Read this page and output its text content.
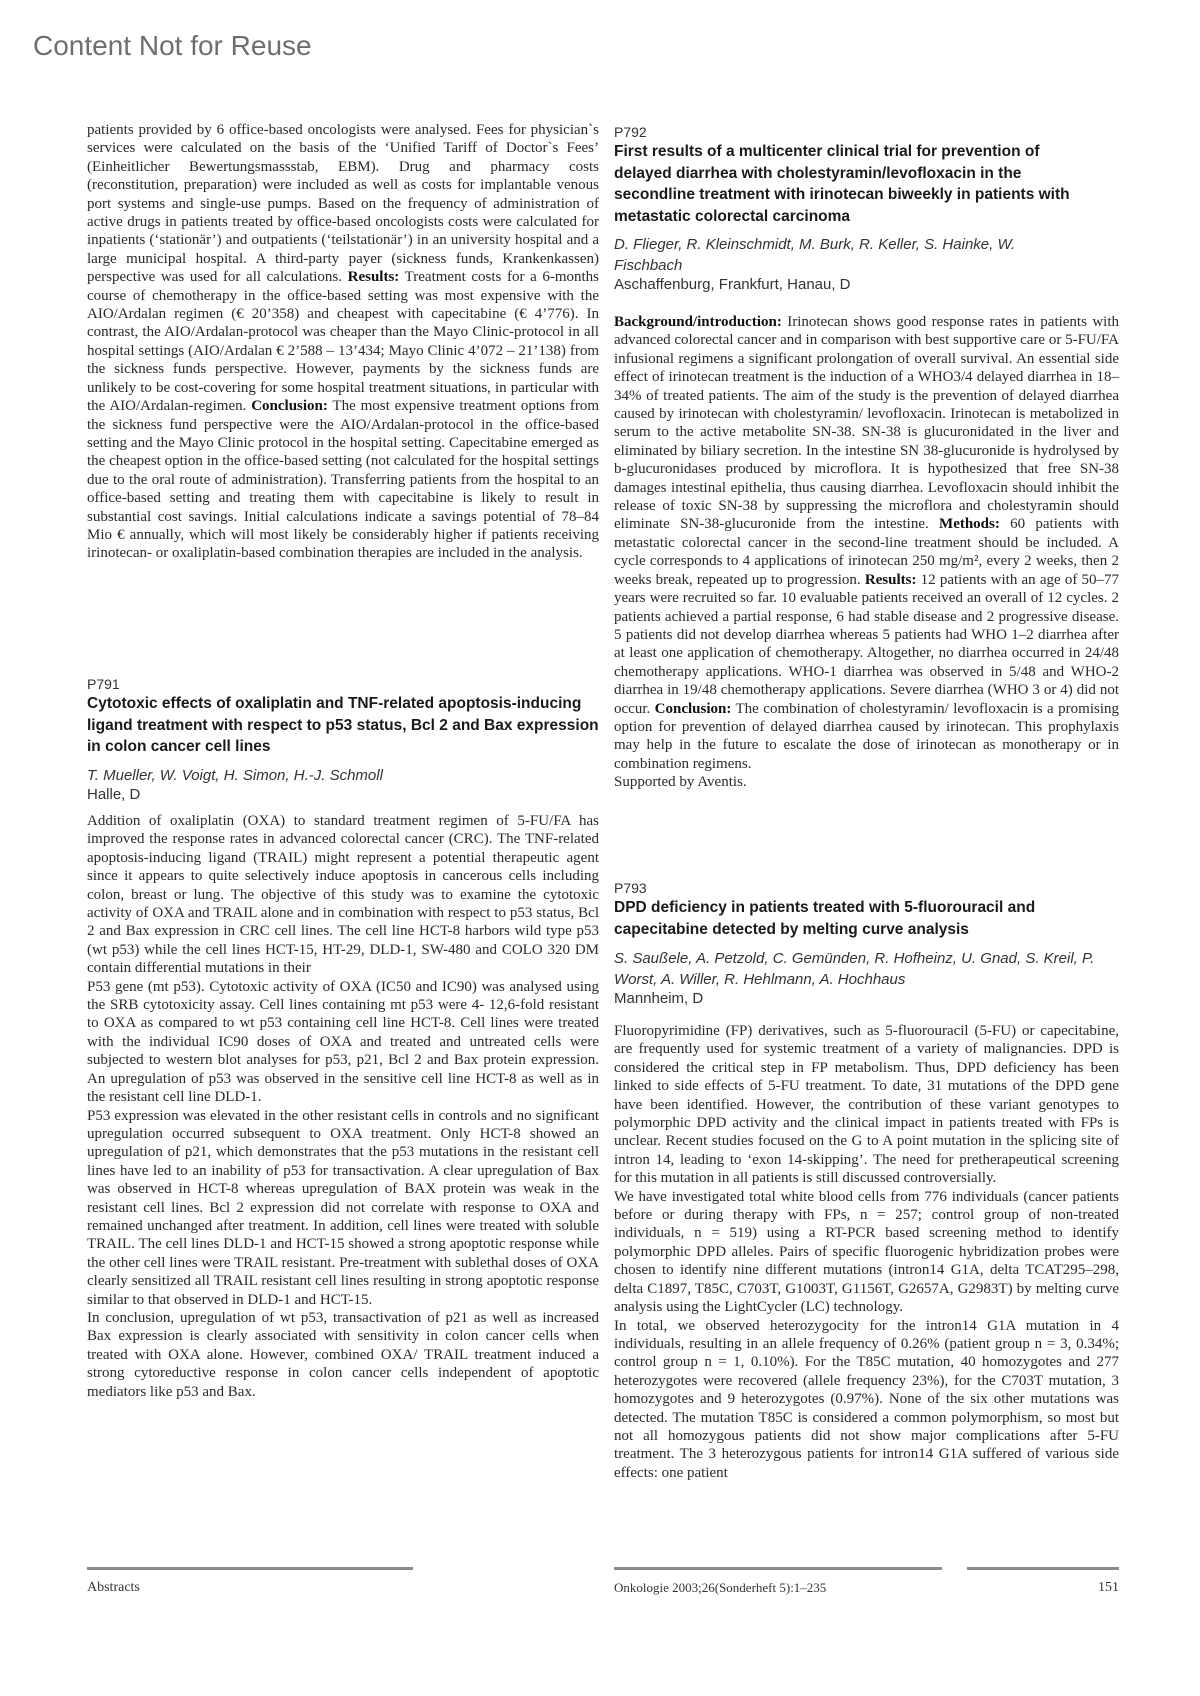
Content Not for Reuse

patients provided by 6 office-based oncologists were analysed. Fees for physician`s services were calculated on the basis of the ‘Unified Tariff of Doctor`s Fees’ (Einheitlicher Bewertungsmassstab, EBM). Drug and pharmacy costs (reconstitution, preparation) were included as well as costs for implantable venous port systems and single-use pumps. Based on the frequency of administration of active drugs in patients treated by office-based oncologists costs were calculated for inpatients (‘stationär’) and outpatients (‘teilstationär’) in an university hospital and a large municipal hospital. A third-party payer (sickness funds, Krankenkassen) perspective was used for all calculations. Results: Treatment costs for a 6-months course of chemotherapy in the office-based setting was most expensive with the AIO/Ardalan regimen (€ 20’358) and cheapest with capecitabine (€ 4’776). In contrast, the AIO/Ardalan-protocol was cheaper than the Mayo Clinic-protocol in all hospital settings (AIO/Ardalan € 2’588 – 13’434; Mayo Clinic 4’072 – 21’138) from the sickness funds perspective. However, payments by the sickness funds are unlikely to be cost-covering for some hospital treatment situations, in particular with the AIO/Ardalan-regimen. Conclusion: The most expensive treatment options from the sickness fund perspective were the AIO/Ardalan-protocol in the office-based setting and the Mayo Clinic protocol in the hospital setting. Capecitabine emerged as the cheapest option in the office-based setting (not calculated for the hospital settings due to the oral route of administration). Transferring patients from the hospital to an office-based setting and treating them with capecitabine is likely to result in substantial cost savings. Initial calculations indicate a savings potential of 78–84 Mio € annually, which will most likely be considerably higher if patients receiving irinotecan- or oxaliplatin-based combination therapies are included in the analysis.

P791
Cytotoxic effects of oxaliplatin and TNF-related apoptosis-inducing ligand treatment with respect to p53 status, Bcl 2 and Bax expression in colon cancer cell lines
T. Mueller, W. Voigt, H. Simon, H.-J. Schmoll
Halle, D

Addition of oxaliplatin (OXA) to standard treatment regimen of 5-FU/FA has improved the response rates in advanced colorectal cancer (CRC). The TNF-related apoptosis-inducing ligand (TRAIL) might represent a potential therapeutic agent since it appears to quite selectively induce apoptosis in cancerous cells including colon, breast or lung. The objective of this study was to examine the cytotoxic activity of OXA and TRAIL alone and in combination with respect to p53 status, Bcl 2 and Bax expression in CRC cell lines. The cell line HCT-8 harbors wild type p53 (wt p53) while the cell lines HCT-15, HT-29, DLD-1, SW-480 and COLO 320 DM contain differential mutations in their

P53 gene (mt p53). Cytotoxic activity of OXA (IC50 and IC90) was analysed using the SRB cytotoxicity assay. Cell lines containing mt p53 were 4- 12,6-fold resistant to OXA as compared to wt p53 containing cell line HCT-8. Cell lines were treated with the individual IC90 doses of OXA and treated and untreated cells were subjected to western blot analyses for p53, p21, Bcl 2 and Bax protein expression. An upregulation of p53 was observed in the sensitive cell line HCT-8 as well as in the resistant cell line DLD-1.

P53 expression was elevated in the other resistant cells in controls and no significant upregulation occurred subsequent to OXA treatment. Only HCT-8 showed an upregulation of p21, which demonstrates that the p53 mutations in the resistant cell lines have led to an inability of p53 for transactivation. A clear upregulation of Bax was observed in HCT-8 whereas upregulation of BAX protein was weak in the resistant cell lines. Bcl 2 expression did not correlate with response to OXA and remained unchanged after treatment. In addition, cell lines were treated with soluble TRAIL. The cell lines DLD-1 and HCT-15 showed a strong apoptotic response while the other cell lines were TRAIL resistant. Pre-treatment with sublethal doses of OXA clearly sensitized all TRAIL resistant cell lines resulting in strong apoptotic response similar to that observed in DLD-1 and HCT-15.

In conclusion, upregulation of wt p53, transactivation of p21 as well as increased Bax expression is clearly associated with sensitivity in colon cancer cells when treated with OXA alone. However, combined OXA/ TRAIL treatment induced a strong cytoreductive response in colon cancer cells independent of apoptotic mediators like p53 and Bax.

P792
First results of a multicenter clinical trial for prevention of delayed diarrhea with cholestyramin/levofloxacin in the secondline treatment with irinotecan biweekly in patients with metastatic colorectal carcinoma
D. Flieger, R. Kleinschmidt, M. Burk, R. Keller, S. Hainke, W. Fischbach
Aschaffenburg, Frankfurt, Hanau, D

Background/introduction: Irinotecan shows good response rates in patients with advanced colorectal cancer and in comparison with best supportive care or 5-FU/FA infusional regimens a significant prolongation of overall survival. An essential side effect of irinotecan treatment is the induction of a WHO3/4 delayed diarrhea in 18–34% of treated patients. The aim of the study is the prevention of delayed diarrhea caused by irinotecan with cholestyramin/ levofloxacin. Irinotecan is metabolized in serum to the active metabolite SN-38. SN-38 is glucuronidated in the liver and eliminated by biliary secretion. In the intestine SN 38-glucuronide is hydrolysed by b-glucuronidases produced by microflora. It is hypothesized that free SN-38 damages intestinal epithelia, thus causing diarrhea. Levofloxacin should inhibit the release of toxic SN-38 by suppressing the microflora and cholestyramin should eliminate SN-38-glucuronide from the intestine. Methods: 60 patients with metastatic colorectal cancer in the second-line treatment should be included. A cycle corresponds to 4 applications of irinotecan 250 mg/m², every 2 weeks, then 2 weeks break, repeated up to progression. Results: 12 patients with an age of 50–77 years were recruited so far. 10 evaluable patients received an overall of 12 cycles. 2 patients achieved a partial response, 6 had stable disease and 2 progressive disease. 5 patients did not develop diarrhea whereas 5 patients had WHO 1–2 diarrhea after at least one application of chemotherapy. Altogether, no diarrhea occurred in 24/48 chemotherapy applications. WHO-1 diarrhea was observed in 5/48 and WHO-2 diarrhea in 19/48 chemotherapy applications. Severe diarrhea (WHO 3 or 4) did not occur. Conclusion: The combination of cholestyramin/ levofloxacin is a promising option for prevention of delayed diarrhea caused by irinotecan. This prophylaxis may help in the future to escalate the dose of irinotecan as monotherapy or in combination regimens.

Supported by Aventis.

P793
DPD deficiency in patients treated with 5-fluorouracil and capecitabine detected by melting curve analysis
S. Saußele, A. Petzold, C. Gemünden, R. Hofheinz, U. Gnad, S. Kreil, P. Worst, A. Willer, R. Hehlmann, A. Hochhaus
Mannheim, D

Fluoropyrimidine (FP) derivatives, such as 5-fluorouracil (5-FU) or capecitabine, are frequently used for systemic treatment of a variety of malignancies. DPD is considered the critical step in FP metabolism. Thus, DPD deficiency has been linked to side effects of 5-FU treatment. To date, 31 mutations of the DPD gene have been identified. However, the contribution of these variant genotypes to polymorphic DPD activity and the clinical impact in patients treated with FPs is unclear. Recent studies focused on the G to A point mutation in the splicing site of intron 14, leading to ‘exon 14-skipping’. The need for pretherapeutical screening for this mutation in all patients is still discussed controversially.

We have investigated total white blood cells from 776 individuals (cancer patients before or during therapy with FPs, n = 257; control group of non-treated individuals, n = 519) using a RT-PCR based screening method to identify polymorphic DPD alleles. Pairs of specific fluorogenic hybridization probes were chosen to identify nine different mutations (intron14 G1A, delta TCAT295–298, delta C1897, T85C, C703T, G1003T, G1156T, G2657A, G2983T) by melting curve analysis using the LightCycler (LC) technology.

In total, we observed heterozygocity for the intron14 G1A mutation in 4 individuals, resulting in an allele frequency of 0.26% (patient group n = 3, 0.34%; control group n = 1, 0.10%). For the T85C mutation, 40 homozygotes and 277 heterozygotes were recovered (allele frequency 23%), for the C703T mutation, 3 homozygotes and 9 heterozygotes (0.97%). None of the six other mutations was detected. The mutation T85C is considered a common polymorphism, so most but not all homozygous patients did not show major complications after 5-FU treatment. The 3 heterozygous patients for intron14 G1A suffered of various side effects: one patient

Abstracts	Onkologie 2003;26(Sonderheft 5):1–235	151
